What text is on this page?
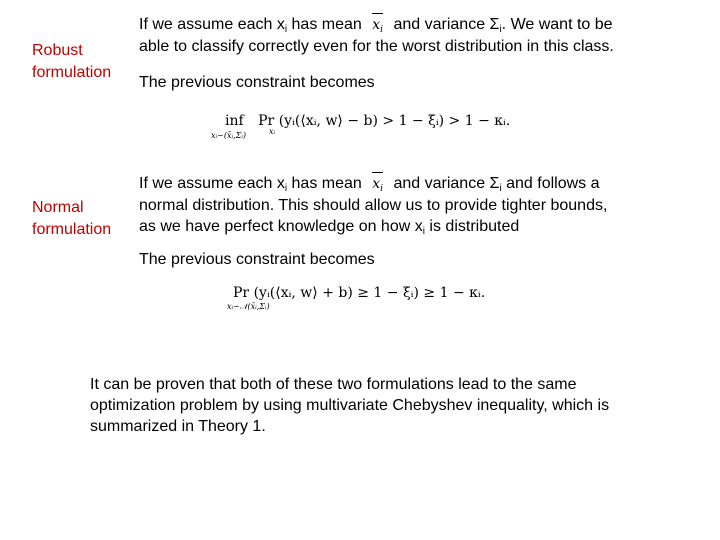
Robust
formulation
If we assume each $x_i$ has mean $x_i$ and variance $\Sigma_i$. We want to be
able to classify correctly even for the worst distribution in this class.
The previous constraint becomes
inf
xᵢ∼(x̄ᵢ,Σᵢ)
Pr
xᵢ
(yᵢ(⟨xᵢ, w⟩ − b) > 1 − ξᵢ) > 1 − κᵢ.
Normal
formulation
If we assume each $x_i$ has mean $x_i$ and variance $\Sigma_i$ and follows a
normal distribution. This should allow us to provide tighter bounds,
as we have perfect knowledge on how $x_i$ is distributed
The previous constraint becomes
Pr
xᵢ∼𝒩(x̄ᵢ,Σᵢ)
(yᵢ(⟨xᵢ, w⟩ + b) ≥ 1 − ξᵢ) ≥ 1 − κᵢ.
It can be proven that both of these two formulations lead to the same optimization problem by using multivariate Chebyshev inequality, which is summarized in Theory 1.
